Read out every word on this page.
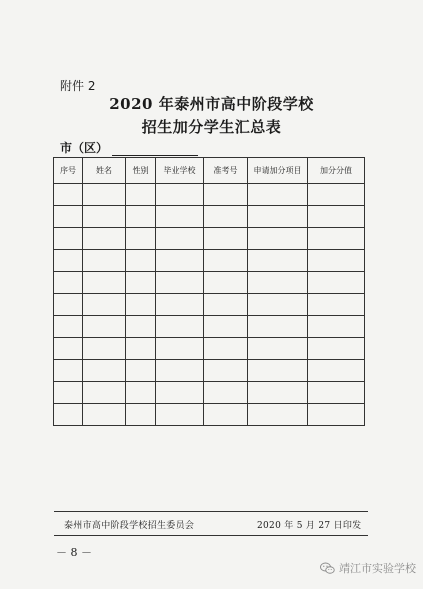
附件 2
2020 年泰州市高中阶段学校
招生加分学生汇总表
市（区）
序号	姓名	性别	毕业学校	准考号	申请加分项目	加分分值

泰州市高中阶段学校招生委员会	2020 年 5 月 27 日印发
－ 8 －
靖江市实验学校
